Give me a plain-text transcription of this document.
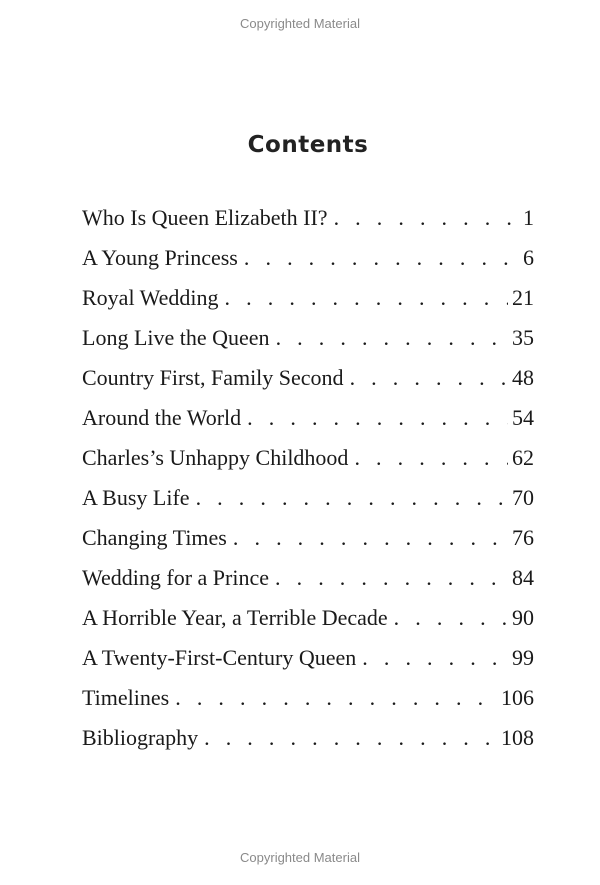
Copyrighted Material
Contents
Who Is Queen Elizabeth II? . . .	1
A Young Princess . . .	6
Royal Wedding . . .	21
Long Live the Queen . . .	35
Country First, Family Second . . .	48
Around the World . . .	54
Charles’s Unhappy Childhood . . .	62
A Busy Life . . .	70
Changing Times . . .	76
Wedding for a Prince . . .	84
A Horrible Year, a Terrible Decade . . .	90
A Twenty-First-Century Queen . . .	99
Timelines . . .	106
Bibliography . . .	108
Copyrighted Material
